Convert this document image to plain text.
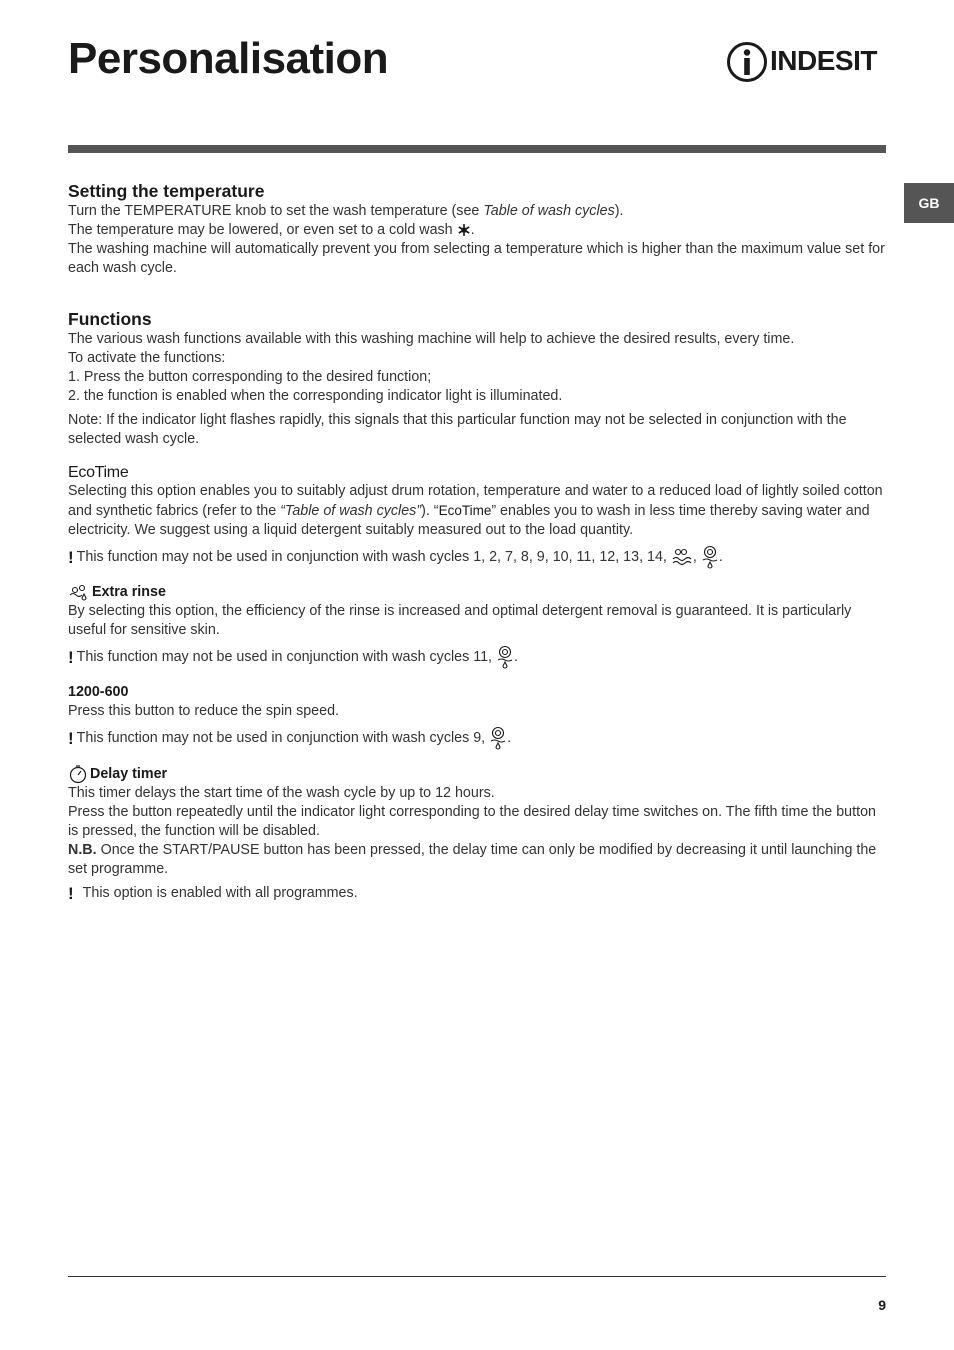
Personalisation	INDESIT
GB
Setting the temperature

Turn the TEMPERATURE knob to set the wash temperature (see Table of wash cycles).

The temperature may be lowered, or even set to a cold wash .

The washing machine will automatically prevent you from selecting a temperature which is higher than the maximum value set for each wash cycle.

Functions

The various wash functions available with this washing machine will help to achieve the desired results, every time.

To activate the functions:

1. Press the button corresponding to the desired function;

2. the function is enabled when the corresponding indicator light is illuminated.

Note: If the indicator light flashes rapidly, this signals that this particular function may not be selected in conjunction with the selected wash cycle.

EcoTime

Selecting this option enables you to suitably adjust drum rotation, temperature and water to a reduced load of lightly soiled cotton and synthetic fabrics (refer to the “Table of wash cycles”). “EcoTime” enables you to wash in less time thereby saving water and electricity. We suggest using a liquid detergent suitably measured out to the load quantity.

! This function may not be used in conjunction with wash cycles 1, 2, 7, 8, 9, 10, 11, 12, 13, 14, , .
Extra rinse

By selecting this option, the efficiency of the rinse is increased and optimal detergent removal is guaranteed. It is particularly useful for sensitive skin.

! This function may not be used in conjunction with wash cycles 11, .
1200-600

Press this button to reduce the spin speed.

! This function may not be used in conjunction with wash cycles 9, .
Delay timer

This timer delays the start time of the wash cycle by up to 12 hours.

Press the button repeatedly until the indicator light corresponding to the desired delay time switches on. The fifth time the button is pressed, the function will be disabled.

N.B. Once the START/PAUSE button has been pressed, the delay time can only be modified by decreasing it until launching the set programme.

! This option is enabled with all programmes.
9
